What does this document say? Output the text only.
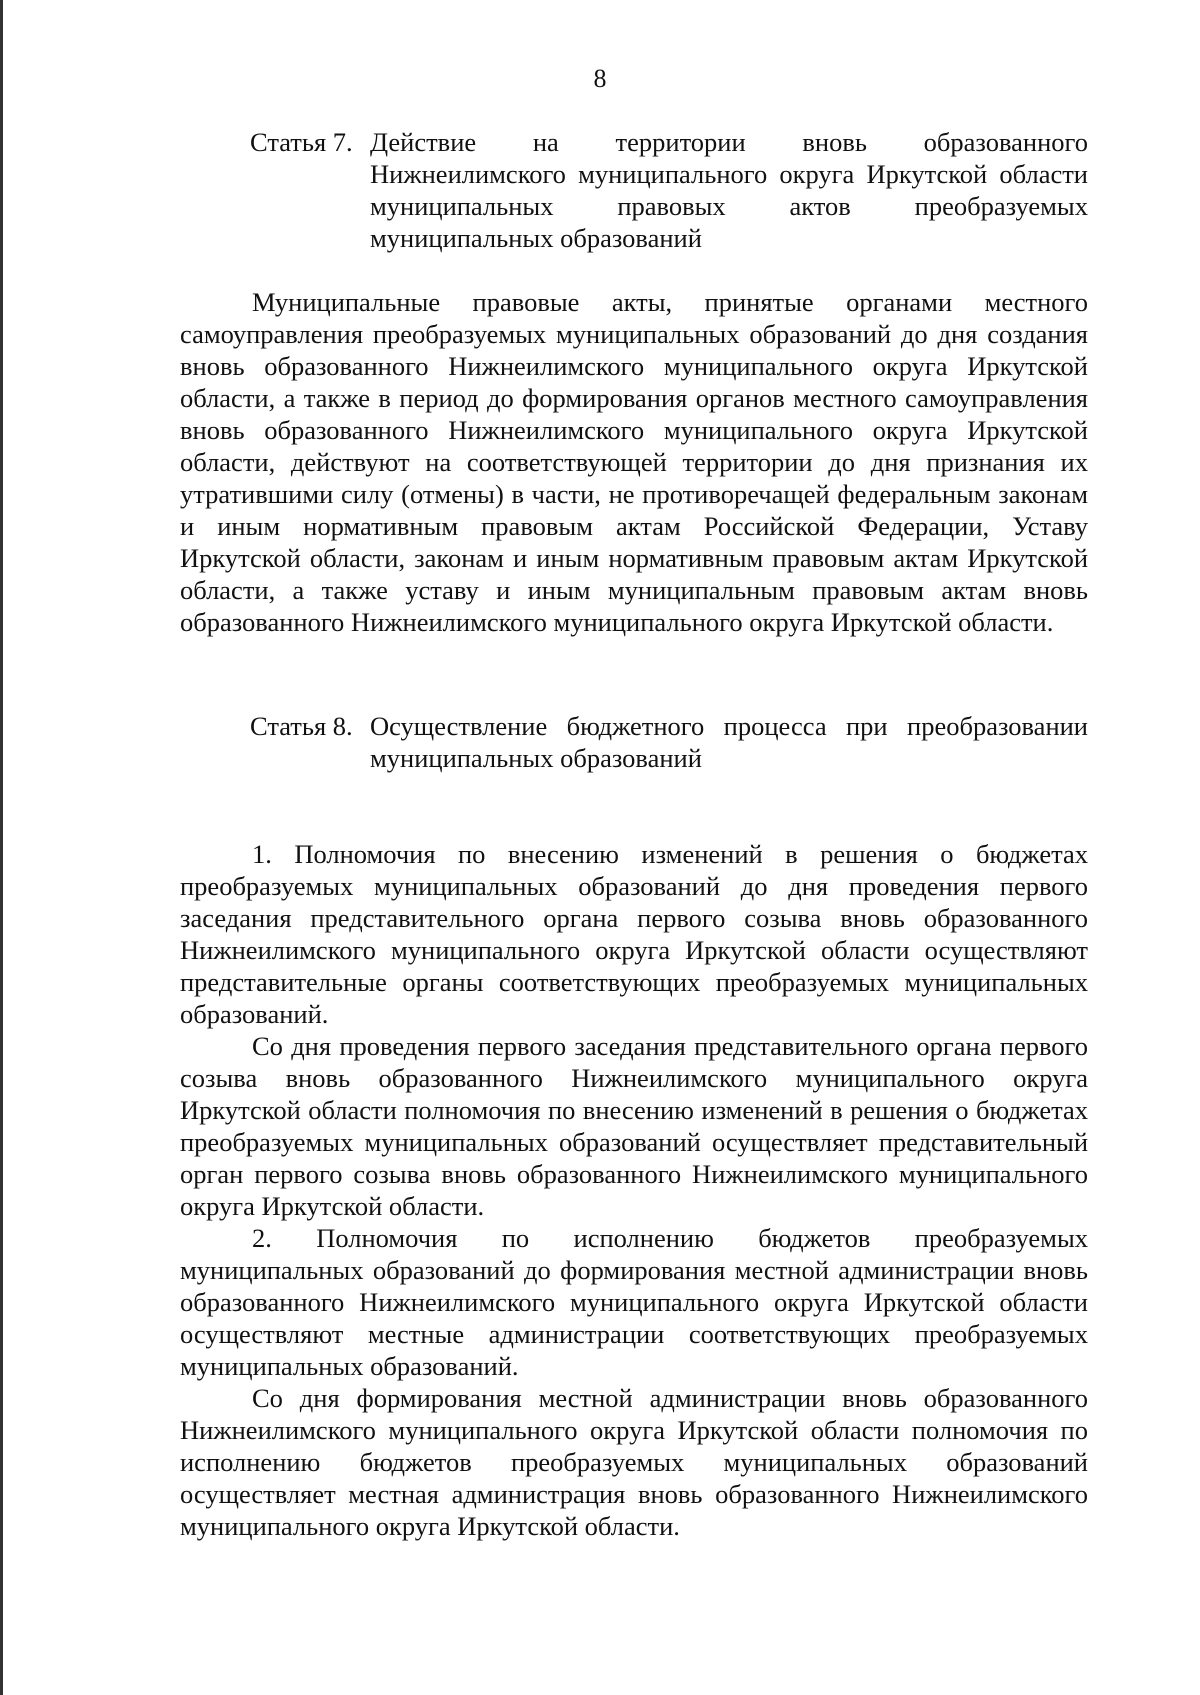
8
Статья 7. Действие на территории вновь образованного Нижнеилимского муниципального округа Иркутской области муниципальных правовых актов преобразуемых муниципальных образований

Муниципальные правовые акты, принятые органами местного самоуправления преобразуемых муниципальных образований до дня создания вновь образованного Нижнеилимского муниципального округа Иркутской области, а также в период до формирования органов местного самоуправления вновь образованного Нижнеилимского муниципального округа Иркутской области, действуют на соответствующей территории до дня признания их утратившими силу (отмены) в части, не противоречащей федеральным законам и иным нормативным правовым актам Российской Федерации, Уставу Иркутской области, законам и иным нормативным правовым актам Иркутской области, а также уставу и иным муниципальным правовым актам вновь образованного Нижнеилимского муниципального округа Иркутской области.

Статья 8. Осуществление бюджетного процесса при преобразовании муниципальных образований

1. Полномочия по внесению изменений в решения о бюджетах преобразуемых муниципальных образований до дня проведения первого заседания представительного органа первого созыва вновь образованного Нижнеилимского муниципального округа Иркутской области осуществляют представительные органы соответствующих преобразуемых муниципальных образований.

Со дня проведения первого заседания представительного органа первого созыва вновь образованного Нижнеилимского муниципального округа Иркутской области полномочия по внесению изменений в решения о бюджетах преобразуемых муниципальных образований осуществляет представительный орган первого созыва вновь образованного Нижнеилимского муниципального округа Иркутской области.

2. Полномочия по исполнению бюджетов преобразуемых муниципальных образований до формирования местной администрации вновь образованного Нижнеилимского муниципального округа Иркутской области осуществляют местные администрации соответствующих преобразуемых муниципальных образований.

Со дня формирования местной администрации вновь образованного Нижнеилимского муниципального округа Иркутской области полномочия по исполнению бюджетов преобразуемых муниципальных образований осуществляет местная администрация вновь образованного Нижнеилимского муниципального округа Иркутской области.
